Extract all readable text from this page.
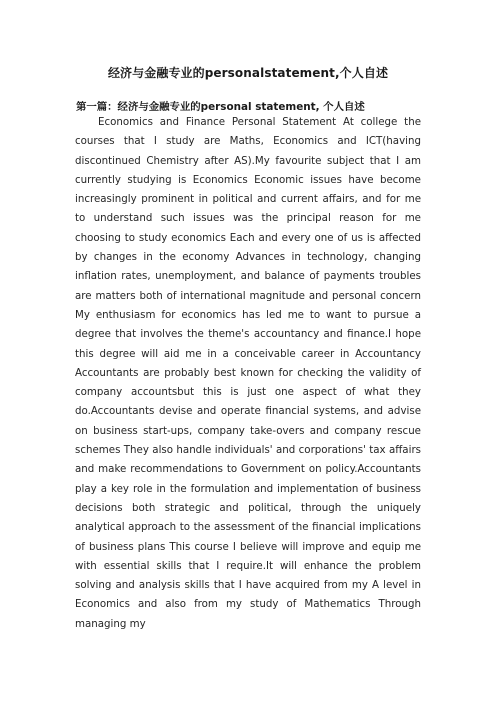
经济与金融专业的personalstatement,个人自述
第一篇：经济与金融专业的personal statement, 个人自述

Economics and Finance Personal Statement At college the courses that I study are Maths, Economics and ICT(having discontinued Chemistry after AS).My favourite subject that I am currently studying is Economics Economic issues have become increasingly prominent in political and current affairs, and for me to understand such issues was the principal reason for me choosing to study economics Each and every one of us is affected by changes in the economy Advances in technology, changing inflation rates, unemployment, and balance of payments troubles are matters both of international magnitude and personal concern My enthusiasm for economics has led me to want to pursue a degree that involves the theme's accountancy and finance.I hope this degree will aid me in a conceivable career in Accountancy Accountants are probably best known for checking the validity of company accountsbut this is just one aspect of what they do.Accountants devise and operate financial systems, and advise on business start-ups, company take-overs and company rescue schemes They also handle individuals' and corporations' tax affairs and make recommendations to Government on policy.Accountants play a key role in the formulation and implementation of business decisions both strategic and political, through the uniquely analytical approach to the assessment of the financial implications of business plans This course I believe will improve and equip me with essential skills that I require.It will enhance the problem solving and analysis skills that I have acquired from my A level in Economics and also from my study of Mathematics Through managing my
